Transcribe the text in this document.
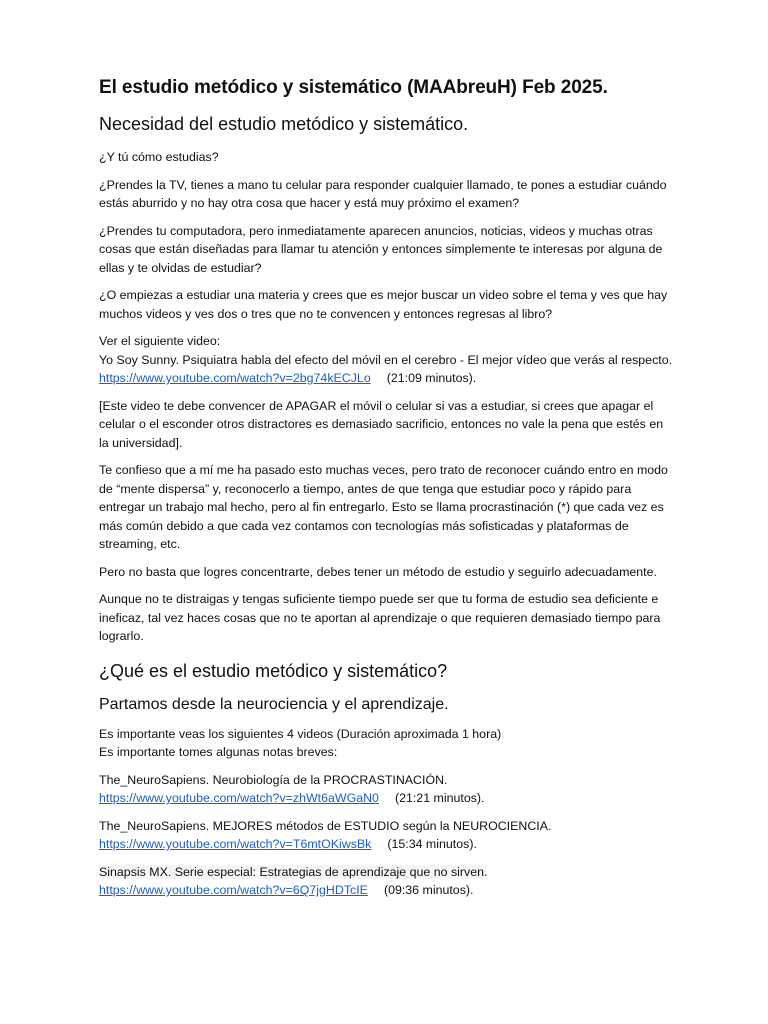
El estudio metódico y sistemático (MAAbreuH) Feb 2025.
Necesidad del estudio metódico y sistemático.

¿Y tú cómo estudias?

¿Prendes la TV, tienes a mano tu celular para responder cualquier llamado, te pones a estudiar cuándo estás aburrido y no hay otra cosa que hacer y está muy próximo el examen?

¿Prendes tu computadora, pero inmediatamente aparecen anuncios, noticias, videos y muchas otras cosas que están diseñadas para llamar tu atención y entonces simplemente te interesas por alguna de ellas y te olvidas de estudiar?

¿O empiezas a estudiar una materia y crees que es mejor buscar un video sobre el tema y ves que hay muchos videos y ves dos o tres que no te convencen y entonces regresas al libro?

Ver el siguiente video:
Yo Soy Sunny. Psiquiatra habla del efecto del móvil en el cerebro - El mejor vídeo que verás al respecto. https://www.youtube.com/watch?v=2bg74kECJLo (21:09 minutos).

[Este video te debe convencer de APAGAR el móvil o celular si vas a estudiar, si crees que apagar el celular o el esconder otros distractores es demasiado sacrificio, entonces no vale la pena que estés en la universidad].

Te confieso que a mí me ha pasado esto muchas veces, pero trato de reconocer cuándo entro en modo de “mente dispersa” y, reconocerlo a tiempo, antes de que tenga que estudiar poco y rápido para entregar un trabajo mal hecho, pero al fin entregarlo. Esto se llama procrastinación (*) que cada vez es más común debido a que cada vez contamos con tecnologías más sofisticadas y plataformas de streaming, etc.

Pero no basta que logres concentrarte, debes tener un método de estudio y seguirlo adecuadamente.

Aunque no te distraigas y tengas suficiente tiempo puede ser que tu forma de estudio sea deficiente e ineficaz, tal vez haces cosas que no te aportan al aprendizaje o que requieren demasiado tiempo para lograrlo.

¿Qué es el estudio metódico y sistemático?
Partamos desde la neurociencia y el aprendizaje.

Es importante veas los siguientes 4 videos (Duración aproximada 1 hora)
Es importante tomes algunas notas breves:

The_NeuroSapiens. Neurobiología de la PROCRASTINACIÓN.
https://www.youtube.com/watch?v=zhWt6aWGaN0 (21:21 minutos).

The_NeuroSapiens. MEJORES métodos de ESTUDIO según la NEUROCIENCIA.
https://www.youtube.com/watch?v=T6mtOKiwsBk (15:34 minutos).

Sinapsis MX. Serie especial: Estrategias de aprendizaje que no sirven.
https://www.youtube.com/watch?v=6Q7jgHDTcIE (09:36 minutos).
